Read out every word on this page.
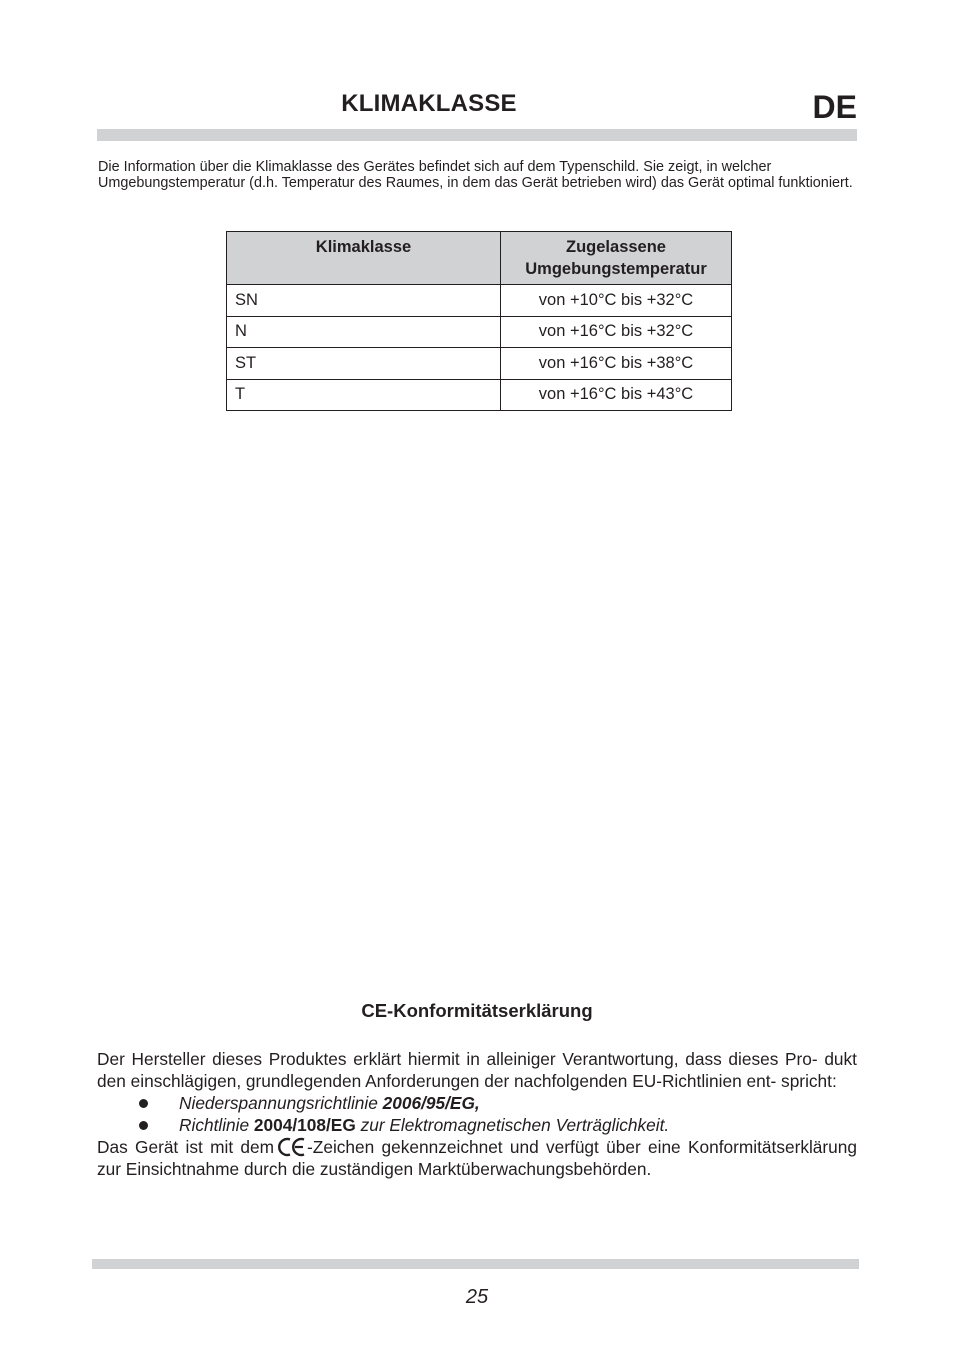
KLIMAKLASSE	DE
Die Information über die Klimaklasse des Gerätes befindet sich auf dem Typenschild. Sie zeigt, in welcher Umgebungstemperatur (d.h. Temperatur des Raumes, in dem das Gerät betrieben wird) das Gerät optimal funktioniert.
Klimaklasse	Zugelassene Umgebungstemperatur
SN	von +10°C bis +32°C
N	von +16°C bis +32°C
ST	von +16°C bis +38°C
T	von +16°C bis +43°C
CE-Konformitätserklärung

Der Hersteller dieses Produktes erklärt hiermit in alleiniger Verantwortung, dass dieses Pro- dukt den einschlägigen, grundlegenden Anforderungen der nachfolgenden EU-Richtlinien ent- spricht:

Niederspannungsrichtlinie 2006/95/EG,
Richtlinie 2004/108/EG zur Elektromagnetischen Verträglichkeit.

Das Gerät ist mit dem -Zeichen gekennzeichnet und verfügt über eine Konformitätserklärung zur Einsichtnahme durch die zuständigen Marktüberwachungsbehörden.

25
